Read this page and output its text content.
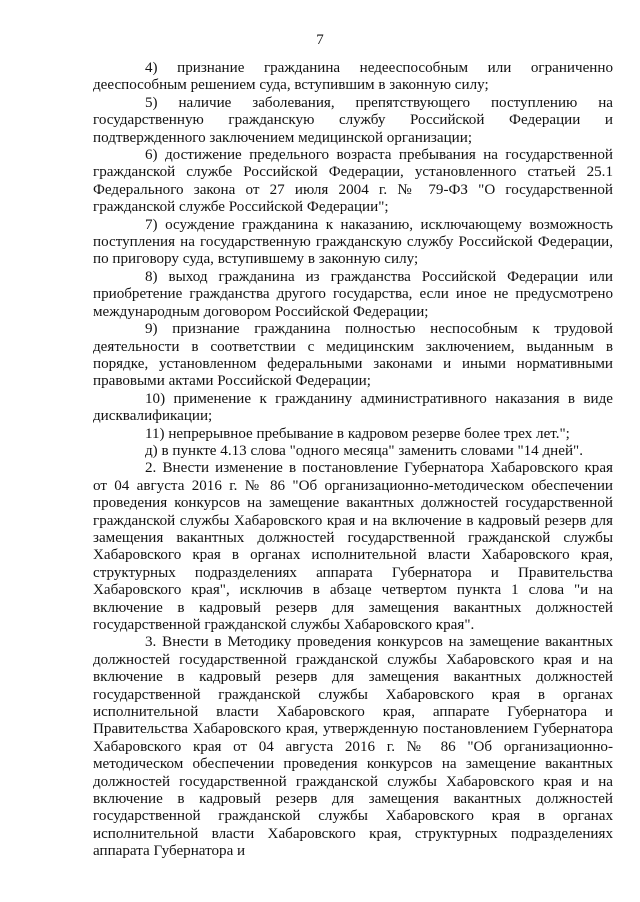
7

4) признание гражданина недееспособным или ограниченно дееспособным решением суда, вступившим в законную силу;

5) наличие заболевания, препятствующего поступлению на государственную гражданскую службу Российской Федерации и подтвержденного заключением медицинской организации;

6) достижение предельного возраста пребывания на государственной гражданской службе Российской Федерации, установленного статьей 25.1 Федерального закона от 27 июля 2004 г. № 79-ФЗ "О государственной гражданской службе Российской Федерации";

7) осуждение гражданина к наказанию, исключающему возможность поступления на государственную гражданскую службу Российской Федерации, по приговору суда, вступившему в законную силу;

8) выход гражданина из гражданства Российской Федерации или приобретение гражданства другого государства, если иное не предусмотрено международным договором Российской Федерации;

9) признание гражданина полностью неспособным к трудовой деятельности в соответствии с медицинским заключением, выданным в порядке, установленном федеральными законами и иными нормативными правовыми актами Российской Федерации;

10) применение к гражданину административного наказания в виде дисквалификации;

11) непрерывное пребывание в кадровом резерве более трех лет.";

д) в пункте 4.13 слова "одного месяца" заменить словами "14 дней".

2. Внести изменение в постановление Губернатора Хабаровского края от 04 августа 2016 г. № 86 "Об организационно-методическом обеспечении проведения конкурсов на замещение вакантных должностей государственной гражданской службы Хабаровского края и на включение в кадровый резерв для замещения вакантных должностей государственной гражданской службы Хабаровского края в органах исполнительной власти Хабаровского края, структурных подразделениях аппарата Губернатора и Правительства Хабаровского края", исключив в абзаце четвертом пункта 1 слова "и на включение в кадровый резерв для замещения вакантных должностей государственной гражданской службы Хабаровского края".

3. Внести в Методику проведения конкурсов на замещение вакантных должностей государственной гражданской службы Хабаровского края и на включение в кадровый резерв для замещения вакантных должностей государственной гражданской службы Хабаровского края в органах исполнительной власти Хабаровского края, аппарате Губернатора и Правительства Хабаровского края, утвержденную постановлением Губернатора Хабаровского края от 04 августа 2016 г. № 86 "Об организационно-методическом обеспечении проведения конкурсов на замещение вакантных должностей государственной гражданской службы Хабаровского края и на включение в кадровый резерв для замещения вакантных должностей государственной гражданской службы Хабаровского края в органах исполнительной власти Хабаровского края, структурных подразделениях аппарата Губернатора и
